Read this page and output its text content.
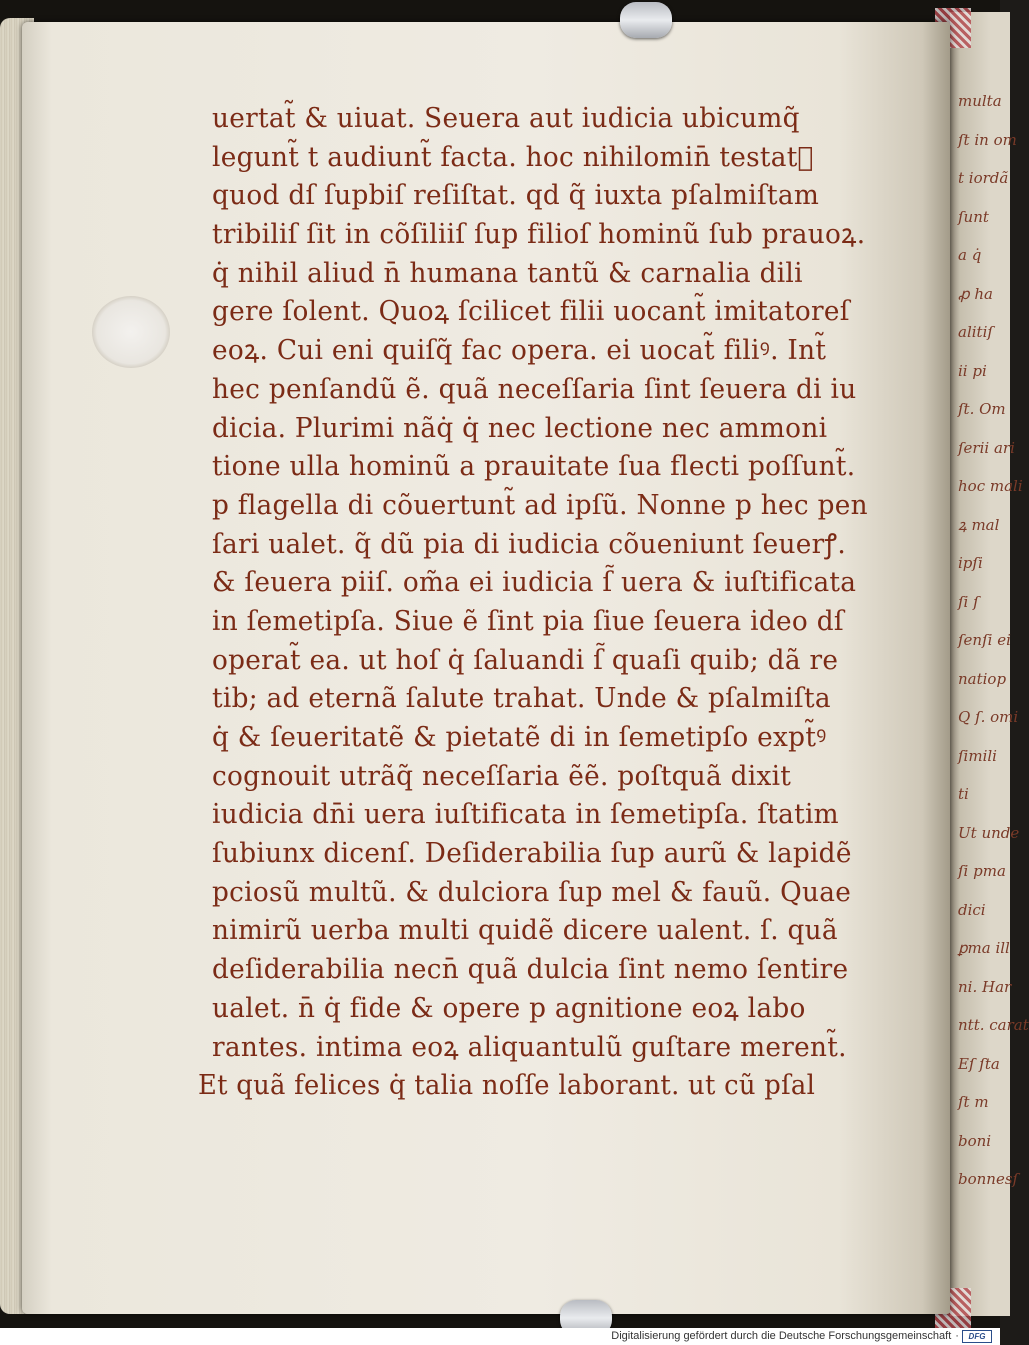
multa
ſt in om
t iordã
ſunt
a q̇
ꝓ ha
alitiſ
ii pi
ſt. Om
ſerii ari
hoc mali
ꝝ mal
ipſi
ſi ſ
ſenſi ei
natiop
Q ſ. omi
ſimili
ti
Ut unde
ſi pma
dici
ꝑma ill
ni. Har
ntt. carat
Eſ ſta
ſt m
boni
bonnesſ
uertat̃ & uiuat. Seuera aut iudicia ubicumq̃
legunt̃ t audiunt̃ facta. hoc nihilomin̄ testatᷣ
quod dſ ſupbiſ reſiſtat. qd q̃ iuxta pſalmiſtam
tribiliſ ſit in cõſiliiſ ſup filioſ hominũ ſub prauoꝝ.
q̇ nihil aliud n̄ humana tantũ & carnalia dili
gere ſolent. Quoꝝ ſcilicet filii uocant̃ imitatoreſ
eoꝝ. Cui eni quiſq̃ fac opera. ei uocat̃ filiꝰ. Int̃
hec penſandũ ẽ. quã neceſſaria ſint ſeuera di iu
dicia. Plurimi nãq̇ q̇ nec lectione nec ammoni
tione ulla hominũ a prauitate ſua flecti poſſunt̃.
p flagella di cõuertunt̃ ad ipſũ. Nonne p hec pen
ſari ualet. q̃ dũ pia di iudicia cõueniunt ſeuerꝭ.
& ſeuera piiſ. om̃a ei iudicia ſ̃ uera & iuſtificata
in ſemetipſa. Siue ẽ ſint pia ſiue ſeuera ideo dſ
operat̃ ea. ut hoſ q̇ ſaluandi ſ̃ quaſi quib; dã re
tib; ad eternã ſalute trahat. Unde & pſalmiſta
q̇ & ſeueritatẽ & pietatẽ di in ſemetipſo expt̃ꝰ
cognouit utrãq̃ neceſſaria ẽẽ. poſtquã dixit
iudicia dn̄i uera iuſtificata in ſemetipſa. ſtatim
ſubiunx dicenſ. Deſiderabilia ſup aurũ & lapidẽ
pciosũ multũ. & dulciora ſup mel & fauũ. Quae
nimirũ uerba multi quidẽ dicere ualent. ſ. quã
deſiderabilia necn̄ quã dulcia ſint nemo ſentire
ualet. n̄ q̇ fide & opere p agnitione eoꝝ labo
rantes. intima eoꝝ aliquantulũ guſtare merent̃.
Et quã felices q̇ talia noſſe laborant. ut cũ pſal
Digitalisierung gefördert durch die Deutsche Forschungsgemeinschaft · DFG
